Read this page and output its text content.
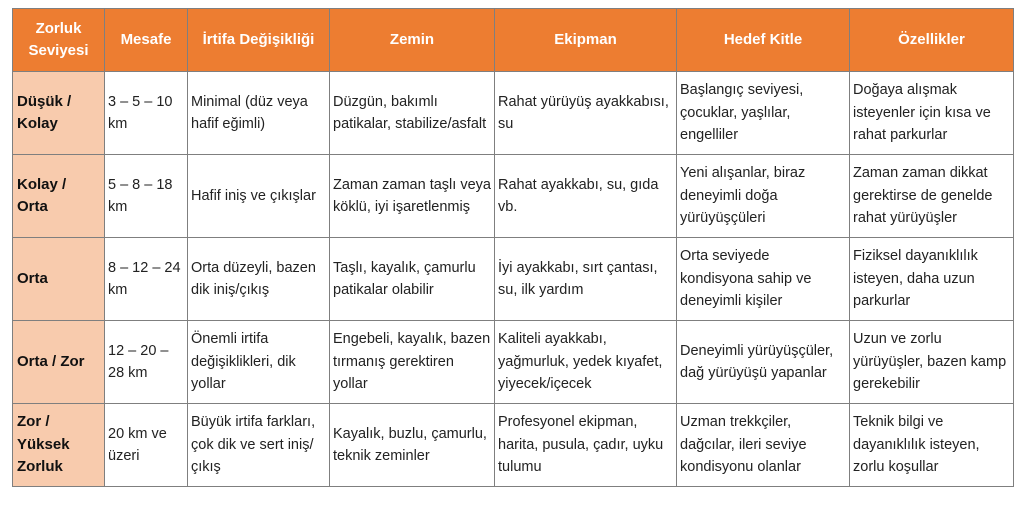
Zorluk Seviyesi	Mesafe	İrtifa Değişikliği	Zemin	Ekipman	Hedef Kitle	Özellikler
Düşük / Kolay	3 – 5 – 10 km	Minimal (düz veya hafif eğimli)	Düzgün, bakımlı patikalar, stabilize/asfalt	Rahat yürüyüş ayakkabısı, su	Başlangıç seviyesi, çocuklar, yaşlılar, engelliler	Doğaya alışmak isteyenler için kısa ve rahat parkurlar
Kolay / Orta	5 – 8 – 18 km	Hafif iniş ve çıkışlar	Zaman zaman taşlı veya köklü, iyi işaretlenmiş	Rahat ayakkabı, su, gıda vb.	Yeni alışanlar, biraz deneyimli doğa yürüyüşçüleri	Zaman zaman dikkat gerektirse de genelde rahat yürüyüşler
Orta	8 – 12 – 24 km	Orta düzeyli, bazen dik iniş/çıkış	Taşlı, kayalık, çamurlu patikalar olabilir	İyi ayakkabı, sırt çantası, su, ilk yardım	Orta seviyede kondisyona sahip ve deneyimli kişiler	Fiziksel dayanıklılık isteyen, daha uzun parkurlar
Orta / Zor	12 – 20 – 28 km	Önemli irtifa değişiklikleri, dik yollar	Engebeli, kayalık, bazen tırmanış gerektiren yollar	Kaliteli ayakkabı, yağmurluk, yedek kıyafet, yiyecek/içecek	Deneyimli yürüyüşçüler, dağ yürüyüşü yapanlar	Uzun ve zorlu yürüyüşler, bazen kamp gerekebilir
Zor / Yüksek Zorluk	20 km ve üzeri	Büyük irtifa farkları, çok dik ve sert iniş/çıkış	Kayalık, buzlu, çamurlu, teknik zeminler	Profesyonel ekipman, harita, pusula, çadır, uyku tulumu	Uzman trekkçiler, dağcılar, ileri seviye kondisyonu olanlar	Teknik bilgi ve dayanıklılık isteyen, zorlu koşullar
